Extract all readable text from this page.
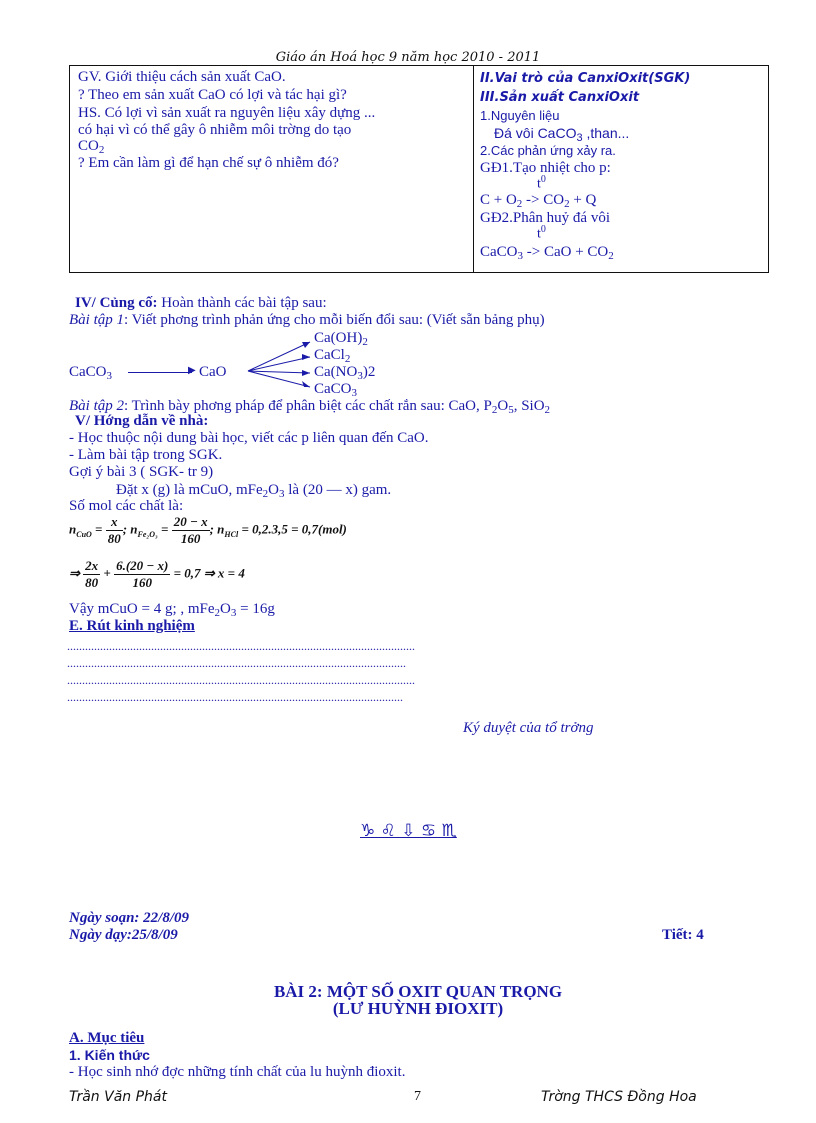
Giáo án Hoá học 9 năm học 2010 - 2011
GV. Giới thiệu cách sản xuất CaO.
? Theo em sản xuất CaO có lợi và tác hại gì?
HS. Có lợi vì sản xuất ra nguyên liệu xây dựng ...
có hại vì có thể gây ô nhiễm môi trờng do tạo
$CO_2$
? Em cần làm gì để hạn chế sự ô nhiễm đó?
II.Vai trò của CanxiOxit(SGK)
III.Sản xuất CanxiOxit
1.Nguyên liệu
Đá vôi CaCO$_3$ ,than...
2.Các phản ứng xảy ra.
GĐ1.Tạo nhiệt cho p:
$t^0$
$C + O_2 -> CO_2 + Q$
GĐ2.Phân huỷ đá vôi
$t^0$
CaCO$_3$ -> CaO + $CO_2$
IV/ Củng cố: Hoàn thành các bài tập sau:
Bài tập 1: Viết phơng trình phản ứng cho mỗi biến đổi sau: (Viết sẵn bảng phụ)
CaCO$_3$	▶ CaO
$Ca(OH)_2$
CaCl$_2$
$Ca(NO_3)2$
CaCO$_3$
Bài tập 2: Trình bày phơng pháp để phân biệt các chất rắn sau: CaO, $P_2O_5$, SiO$_2$
V/ Hớng dẫn về nhà:
- Học thuộc nội dung bài học, viết các p liên quan đến CaO.
- Làm bài tập trong SGK.
Gợi ý bài 3 ( SGK- tr 9)
Đặt x (g) là mCuO, $mFe_2O_3$ là (20 — x) gam.
Số mol các chất là:
$n_{CuO} = \frac{x}{80}$ ; $n_{Fe_2O_3} = \frac{20 - x}{160}$ ; $n_{HCl} = 0,2.3,5 = 0,7(mol)$
⇒ $\frac{2x}{80} + \frac{6.(20 - x)}{160} = 0,7$ ⇒ x = 4
Vậy mCuO = 4 g; , $mFe_2O_3 = 16g$
E. Rút kinh nghiệm
....................................................................................................................
.................................................................................................................
....................................................................................................................
................................................................................................................
Ký duyệt của tổ trởng
♑ ♌ ⇩ ♋ ♏
Ngày soạn: 22/8/09
Ngày dạy:25/8/09	Tiết: 4
BÀI 2: MỘT SỐ OXIT QUAN TRỌNG
(LƯ HUỲNH ĐIOXIT)
A. Mục tiêu
1. Kiến thức
- Học sinh nhớ đợc những tính chất của lu huỳnh đioxit.
Trần Văn Phát	7	Trờng THCS Đồng Hoa
